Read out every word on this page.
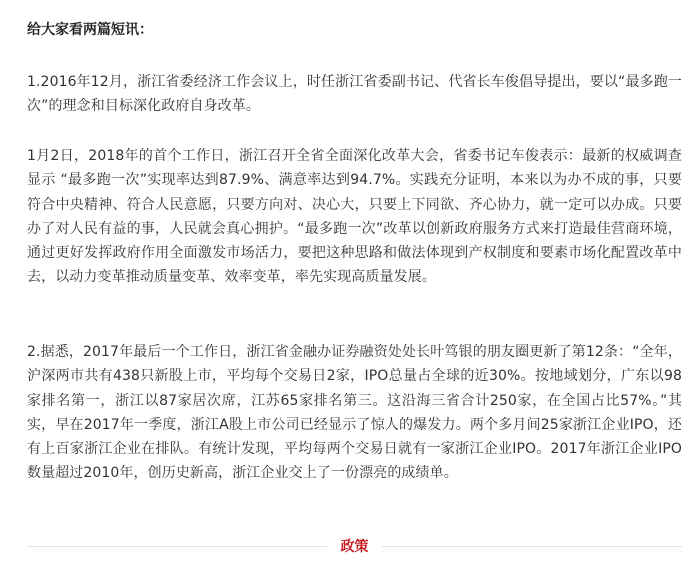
给大家看两篇短讯：

1.2016年12月，浙江省委经济工作会议上，时任浙江省委副书记、代省长车俊倡导提出，要以“最多跑一次”的理念和目标深化政府自身改革。

1月2日，2018年的首个工作日，浙江召开全省全面深化改革大会，省委书记车俊表示：最新的权威调查显示 “最多跑一次”实现率达到87.9%、满意率达到94.7%。实践充分证明，本来以为办不成的事，只要符合中央精神、符合人民意愿，只要方向对、决心大，只要上下同欲、齐心协力，就一定可以办成。只要办了对人民有益的事，人民就会真心拥护。“最多跑一次”改革以创新政府服务方式来打造最佳营商环境，通过更好发挥政府作用全面激发市场活力，要把这种思路和做法体现到产权制度和要素市场化配置改革中去，以动力变革推动质量变革、效率变革，率先实现高质量发展。

2.据悉，2017年最后一个工作日，浙江省金融办证券融资处处长叶笃银的朋友圈更新了第12条：“全年，沪深两市共有438只新股上市，平均每个交易日2家，IPO总量占全球的近30%。按地域划分，广东以98家排名第一，浙江以87家居次席，江苏65家排名第三。这沿海三省合计250家，在全国占比57%。”其实，早在2017年一季度，浙江A股上市公司已经显示了惊人的爆发力。两个多月间25家浙江企业IPO，还有上百家浙江企业在排队。有统计发现，平均每两个交易日就有一家浙江企业IPO。2017年浙江企业IPO数量超过2010年，创历史新高，浙江企业交上了一份漂亮的成绩单。

政策
